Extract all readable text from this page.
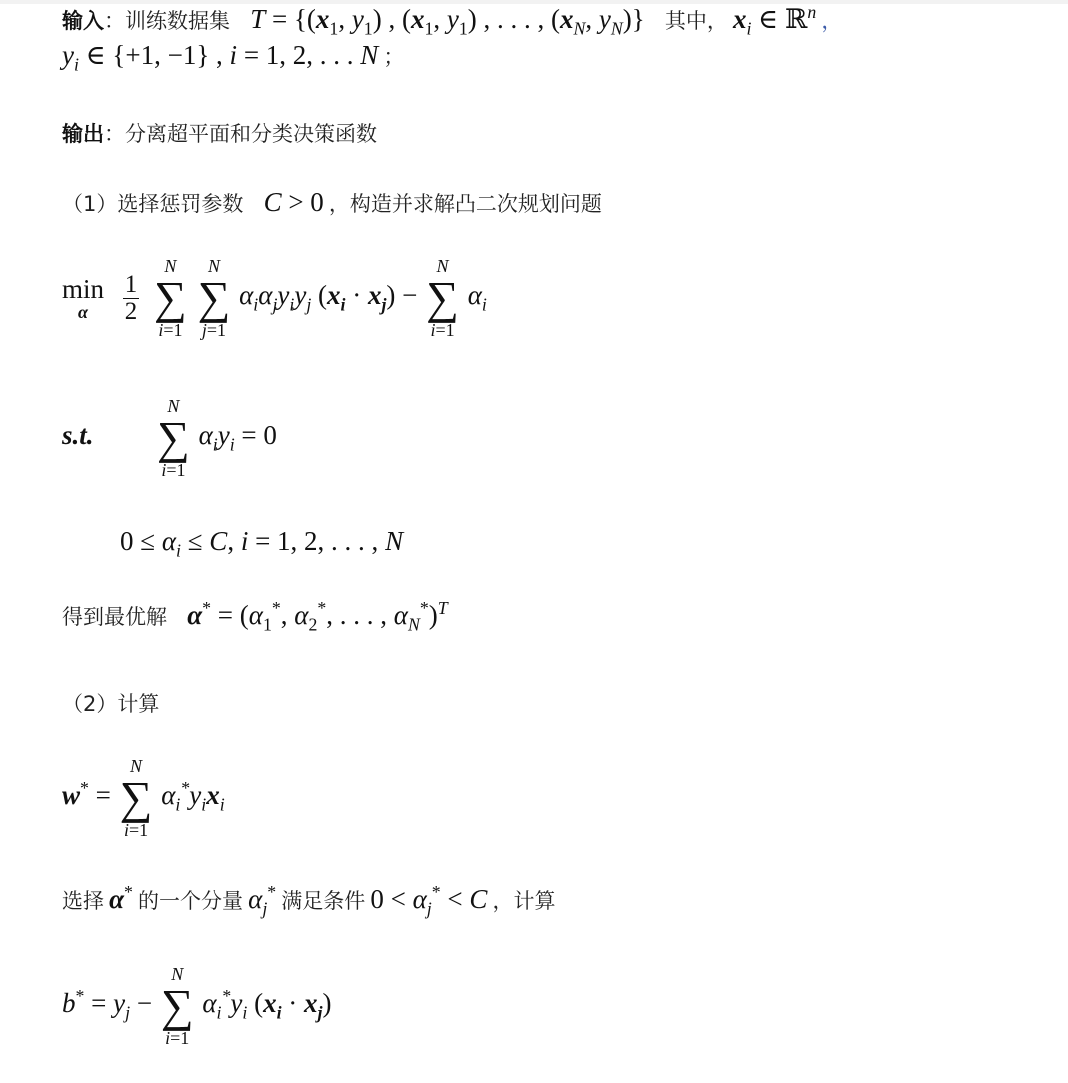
输入：训练数据集 $T = \{(x_1$, $y_1$) , ($x_1$, $y_1$) , . . . , ($x_N$, $y_N$)} 其中， $x_i$ ∈ ℝ$^n$ ，
$y_i$ ∈ {+1, −1} , i = 1, 2, . . . N ；
输出：分离超平面和分类决策函数
（1）选择惩罚参数 C > 0 ，构造并求解凸二次规划问题
min
α
	$\frac{1}{2}$

N
∑
i=1

N
∑
j=1
$\alpha_i\alpha_jy_iy_j$ $(x_i \cdot x_j)$ −
N
∑
i=1
$\alpha_i$
s.t.
N
∑
i=1
$\alpha_iy_i = 0$
$0 \le \alpha_i \le C$, i = 1, 2, . . . , N
得到最优解 $\alpha^* = (\alpha_1^*$, $\alpha_2^*$, . . . , $\alpha_N^*)^T$
（2）计算
w* =
N
∑
i=1
$\alpha_i^*y_ix_i$
选择 α* 的一个分量 $\alpha_j^*$ 满足条件 $0 < \alpha_j^* < C$ ，计算
$b^* = y_j$ −
N
∑
i=1
$\alpha_i^*y_i$ $(x_i \cdot x_j)$
